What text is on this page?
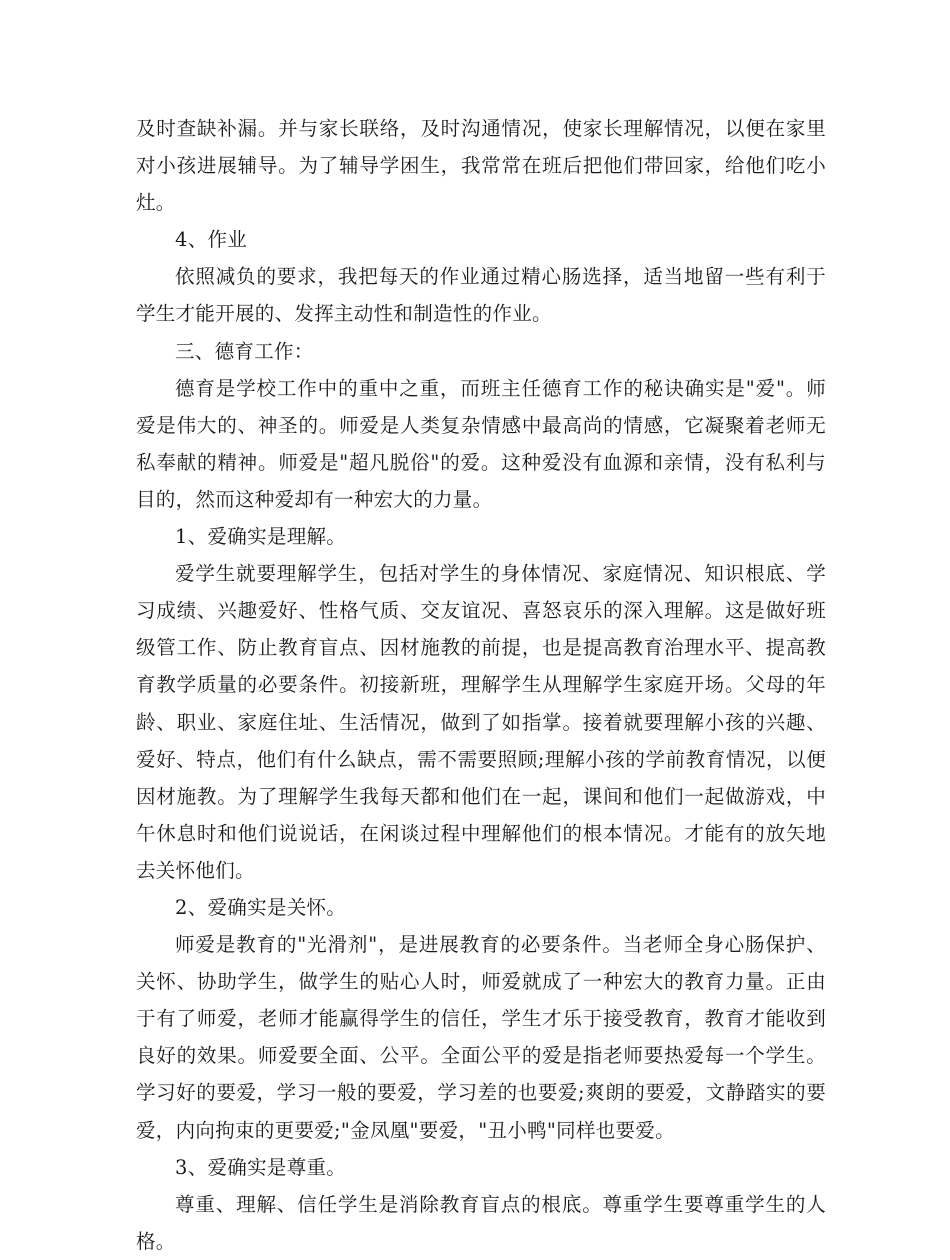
及时查缺补漏。并与家长联络，及时沟通情况，使家长理解情况，以便在家里对小孩进展辅导。为了辅导学困生，我常常在班后把他们带回家，给他们吃小灶。

4、作业

依照减负的要求，我把每天的作业通过精心肠选择，适当地留一些有利于学生才能开展的、发挥主动性和制造性的作业。

三、德育工作：

德育是学校工作中的重中之重，而班主任德育工作的秘诀确实是"爱"。师爱是伟大的、神圣的。师爱是人类复杂情感中最高尚的情感，它凝聚着老师无私奉献的精神。师爱是"超凡脱俗"的爱。这种爱没有血源和亲情，没有私利与目的，然而这种爱却有一种宏大的力量。

1、爱确实是理解。

爱学生就要理解学生，包括对学生的身体情况、家庭情况、知识根底、学习成绩、兴趣爱好、性格气质、交友谊况、喜怒哀乐的深入理解。这是做好班级管工作、防止教育盲点、因材施教的前提，也是提高教育治理水平、提高教育教学质量的必要条件。初接新班，理解学生从理解学生家庭开场。父母的年龄、职业、家庭住址、生活情况，做到了如指掌。接着就要理解小孩的兴趣、爱好、特点，他们有什么缺点，需不需要照顾;理解小孩的学前教育情况，以便因材施教。为了理解学生我每天都和他们在一起，课间和他们一起做游戏，中午休息时和他们说说话，在闲谈过程中理解他们的根本情况。才能有的放矢地去关怀他们。

2、爱确实是关怀。

师爱是教育的"光滑剂"，是进展教育的必要条件。当老师全身心肠保护、关怀、协助学生，做学生的贴心人时，师爱就成了一种宏大的教育力量。正由于有了师爱，老师才能赢得学生的信任，学生才乐于接受教育，教育才能收到良好的效果。师爱要全面、公平。全面公平的爱是指老师要热爱每一个学生。学习好的要爱，学习一般的要爱，学习差的也要爱;爽朗的要爱，文静踏实的要爱，内向拘束的更要爱;"金凤凰"要爱，"丑小鸭"同样也要爱。

3、爱确实是尊重。

尊重、理解、信任学生是消除教育盲点的根底。尊重学生要尊重学生的人格。
